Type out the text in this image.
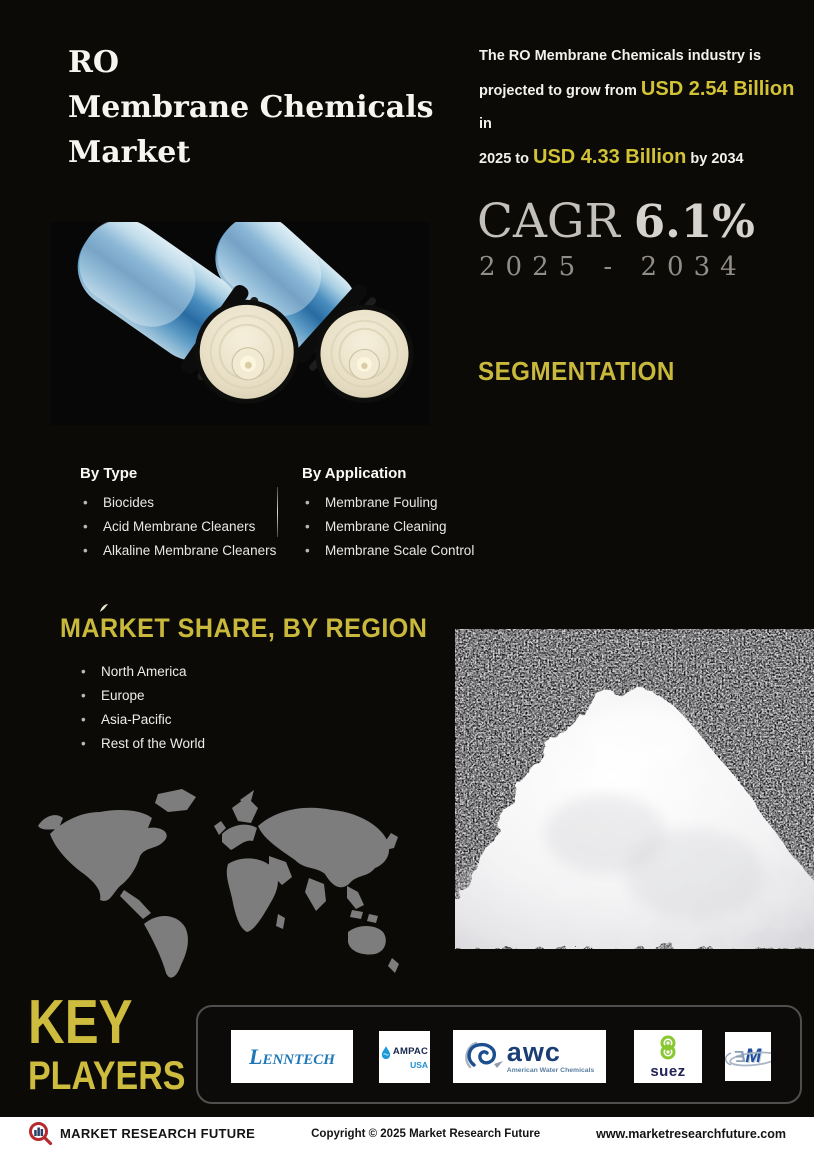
RO
Membrane Chemicals
Market
The RO Membrane Chemicals industry is
projected to grow from USD 2.54 Billion in
2025 to USD 4.33 Billion by 2034
CAGR 6.1%
2025 - 2034
SEGMENTATION

By Type

• Biocides
• Acid Membrane Cleaners
• Alkaline Membrane Cleaners

By Application

• Membrane Fouling
• Membrane Cleaning
• Membrane Scale Control
MARKET SHARE, BY REGION
• North America
• Europe
• Asia-Pacific
• Rest of the World
KEY
PLAYERS	Lenntech	AMPAC
USA	awc
American Water Chemicals	suez
EM
MARKET RESEARCH FUTURE	Copyright © 2025 Market Research Future	www.marketresearchfuture.com
